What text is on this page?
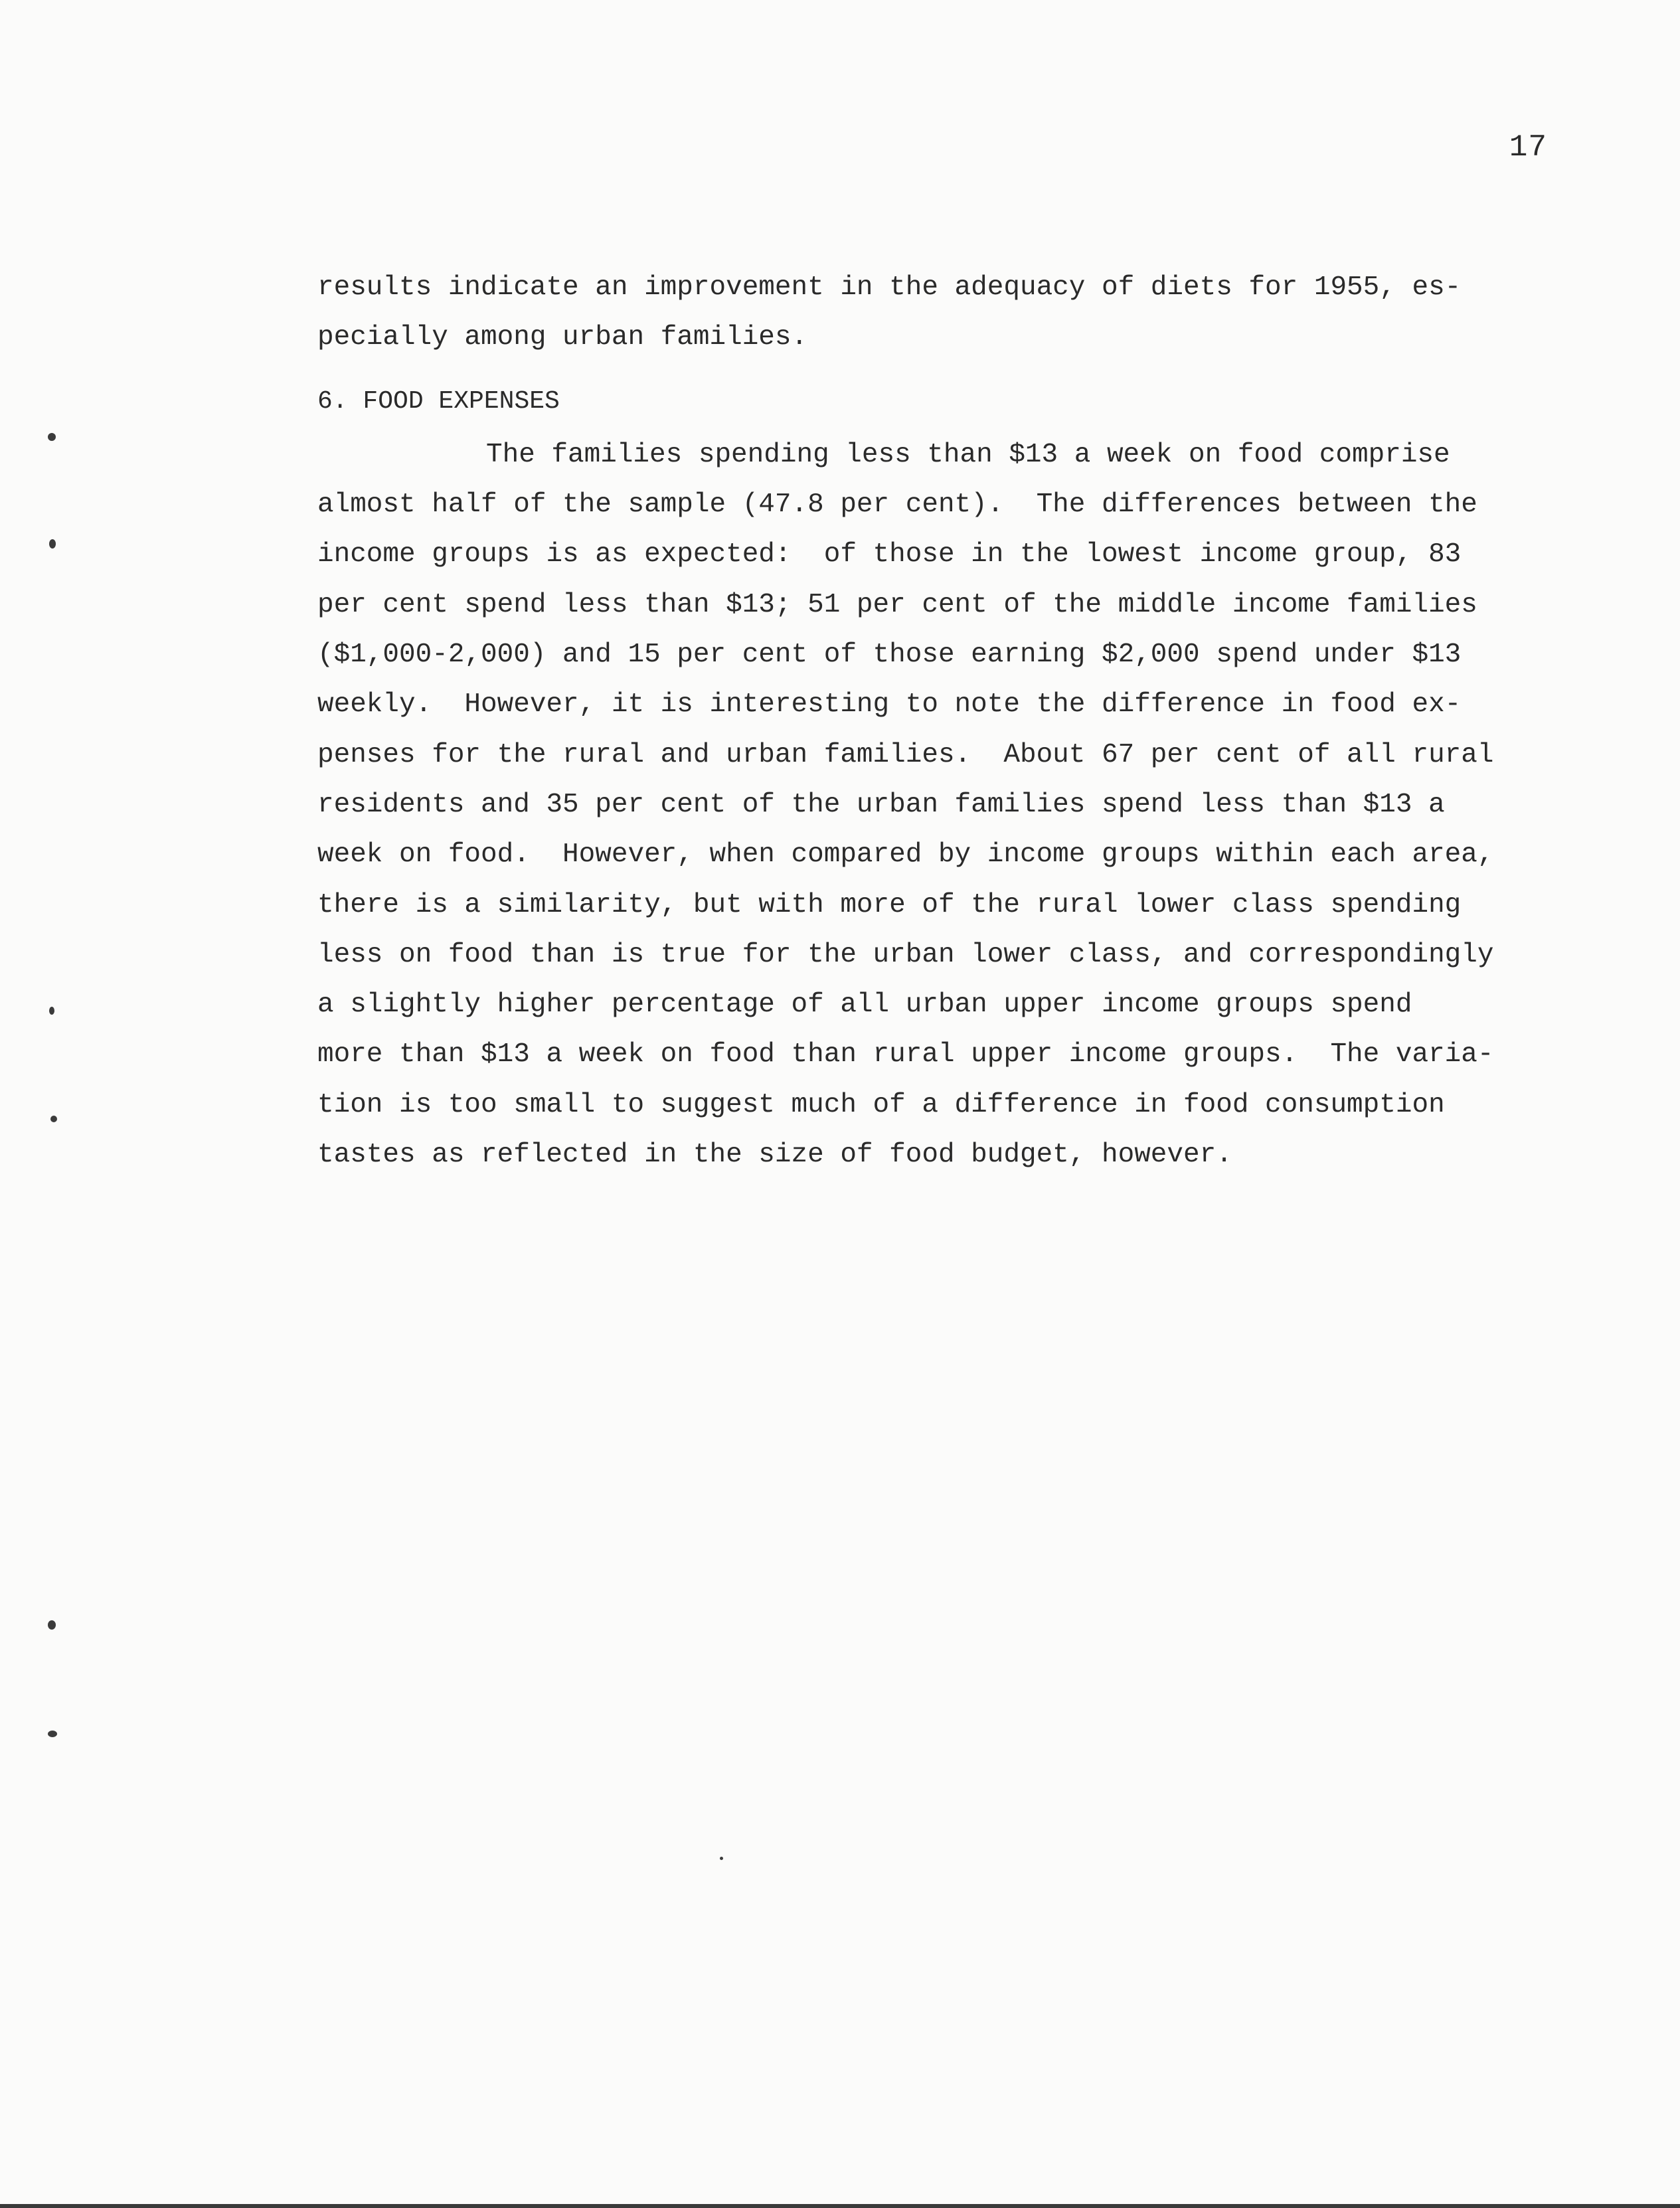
17
results indicate an improvement in the adequacy of diets for 1955, es-
pecially among urban families.
6. FOOD EXPENSES
The families spending less than $13 a week on food comprise
almost half of the sample (47.8 per cent).  The differences between the
income groups is as expected:  of those in the lowest income group, 83
per cent spend less than $13; 51 per cent of the middle income families
($1,000-2,000) and 15 per cent of those earning $2,000 spend under $13
weekly.  However, it is interesting to note the difference in food ex-
penses for the rural and urban families.  About 67 per cent of all rural
residents and 35 per cent of the urban families spend less than $13 a
week on food.  However, when compared by income groups within each area,
there is a similarity, but with more of the rural lower class spending
less on food than is true for the urban lower class, and correspondingly
a slightly higher percentage of all urban upper income groups spend
more than $13 a week on food than rural upper income groups.  The varia-
tion is too small to suggest much of a difference in food consumption
tastes as reflected in the size of food budget, however.
